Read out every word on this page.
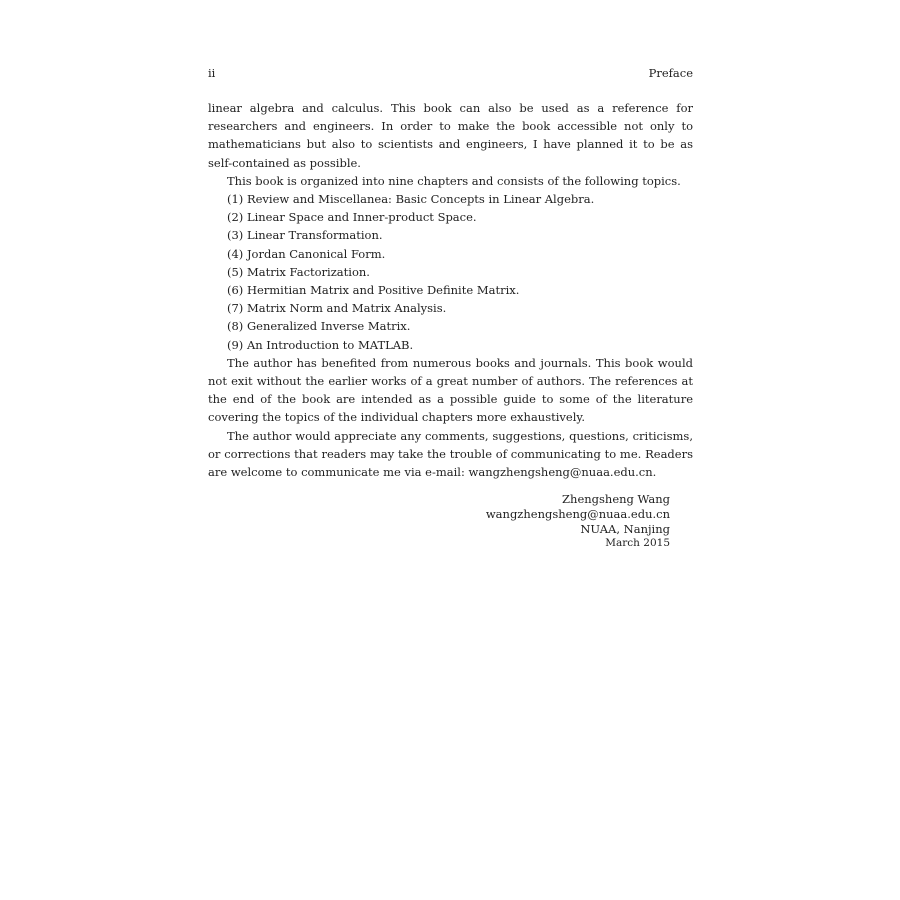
ii	Preface

linear algebra and calculus. This book can also be used as a reference for researchers and engineers. In order to make the book accessible not only to mathematicians but also to scientists and engineers, I have planned it to be as self-contained as possible.

This book is organized into nine chapters and consists of the following topics.

(1) Review and Miscellanea: Basic Concepts in Linear Algebra.
(2) Linear Space and Inner-product Space.
(3) Linear Transformation.
(4) Jordan Canonical Form.
(5) Matrix Factorization.
(6) Hermitian Matrix and Positive Definite Matrix.
(7) Matrix Norm and Matrix Analysis.
(8) Generalized Inverse Matrix.
(9) An Introduction to MATLAB.

The author has benefited from numerous books and journals. This book would not exit without the earlier works of a great number of authors. The references at the end of the book are intended as a possible guide to some of the literature covering the topics of the individual chapters more exhaustively.

The author would appreciate any comments, suggestions, questions, criticisms, or corrections that readers may take the trouble of communicating to me. Readers are welcome to communicate me via e-mail: wangzhengsheng@nuaa.edu.cn.

Zhengsheng Wang
wangzhengsheng@nuaa.edu.cn
NUAA, Nanjing
March 2015
